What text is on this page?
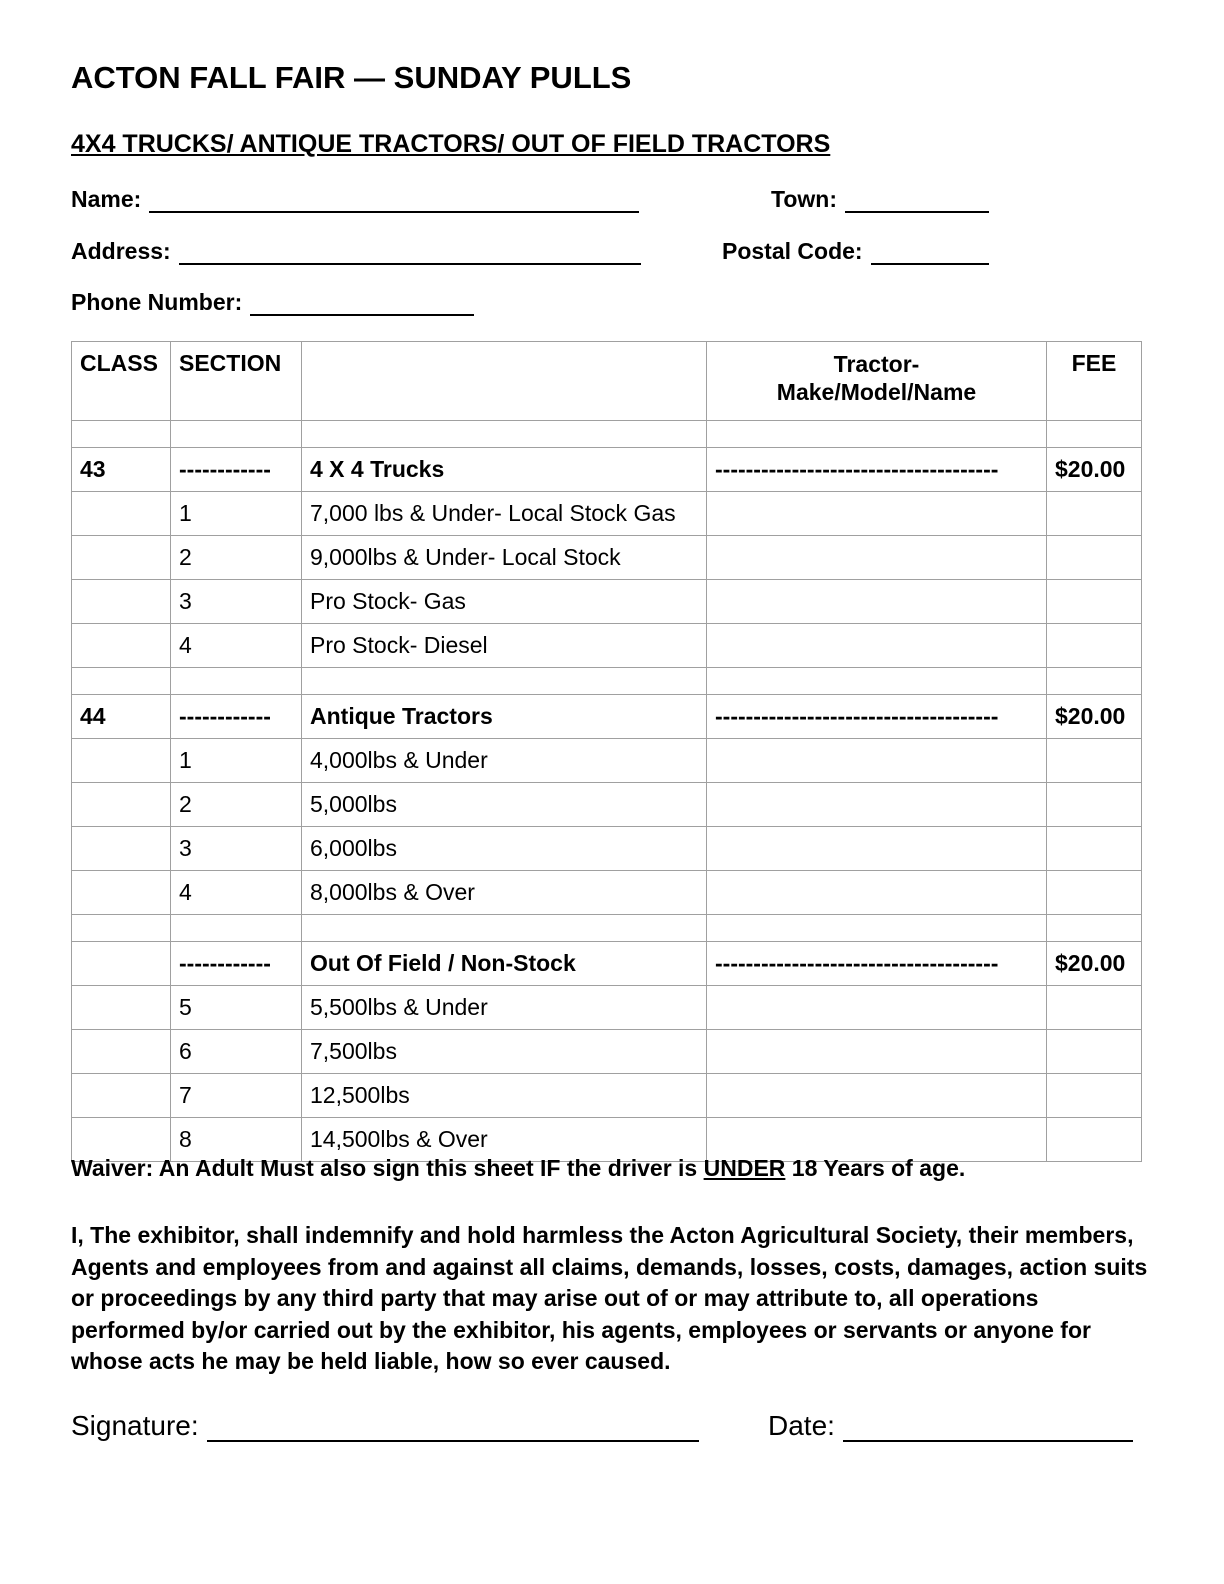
ACTON FALL FAIR — SUNDAY PULLS
4X4 TRUCKS/ ANTIQUE TRACTORS/ OUT OF FIELD TRACTORS
Name:	Town:
Address:	Postal Code:
Phone Number:
CLASS	SECTION		Tractor- Make/Model/Name	FEE

43	------------	4 X 4 Trucks	-------------------------------------	$20.00
	1	7,000 lbs & Under- Local Stock Gas		
	2	9,000lbs & Under- Local Stock		
	3	Pro Stock- Gas		
	4	Pro Stock- Diesel		

44	------------	Antique Tractors	-------------------------------------	$20.00
	1	4,000lbs & Under		
	2	5,000lbs		
	3	6,000lbs		
	4	8,000lbs & Over		

	------------	Out Of Field / Non-Stock	-------------------------------------	$20.00
	5	5,500lbs & Under		
	6	7,500lbs		
	7	12,500lbs		
	8	14,500lbs & Over		

Waiver: An Adult Must also sign this sheet IF the driver is UNDER 18 Years of age.

I, The exhibitor, shall indemnify and hold harmless the Acton Agricultural Society, their members, Agents and employees from and against all claims, demands, losses, costs, damages, action suits or proceedings by any third party that may arise out of or may attribute to, all operations performed by/or carried out by the exhibitor, his agents, employees or servants or anyone for whose acts he may be held liable, how so ever caused.

Signature:	Date:
